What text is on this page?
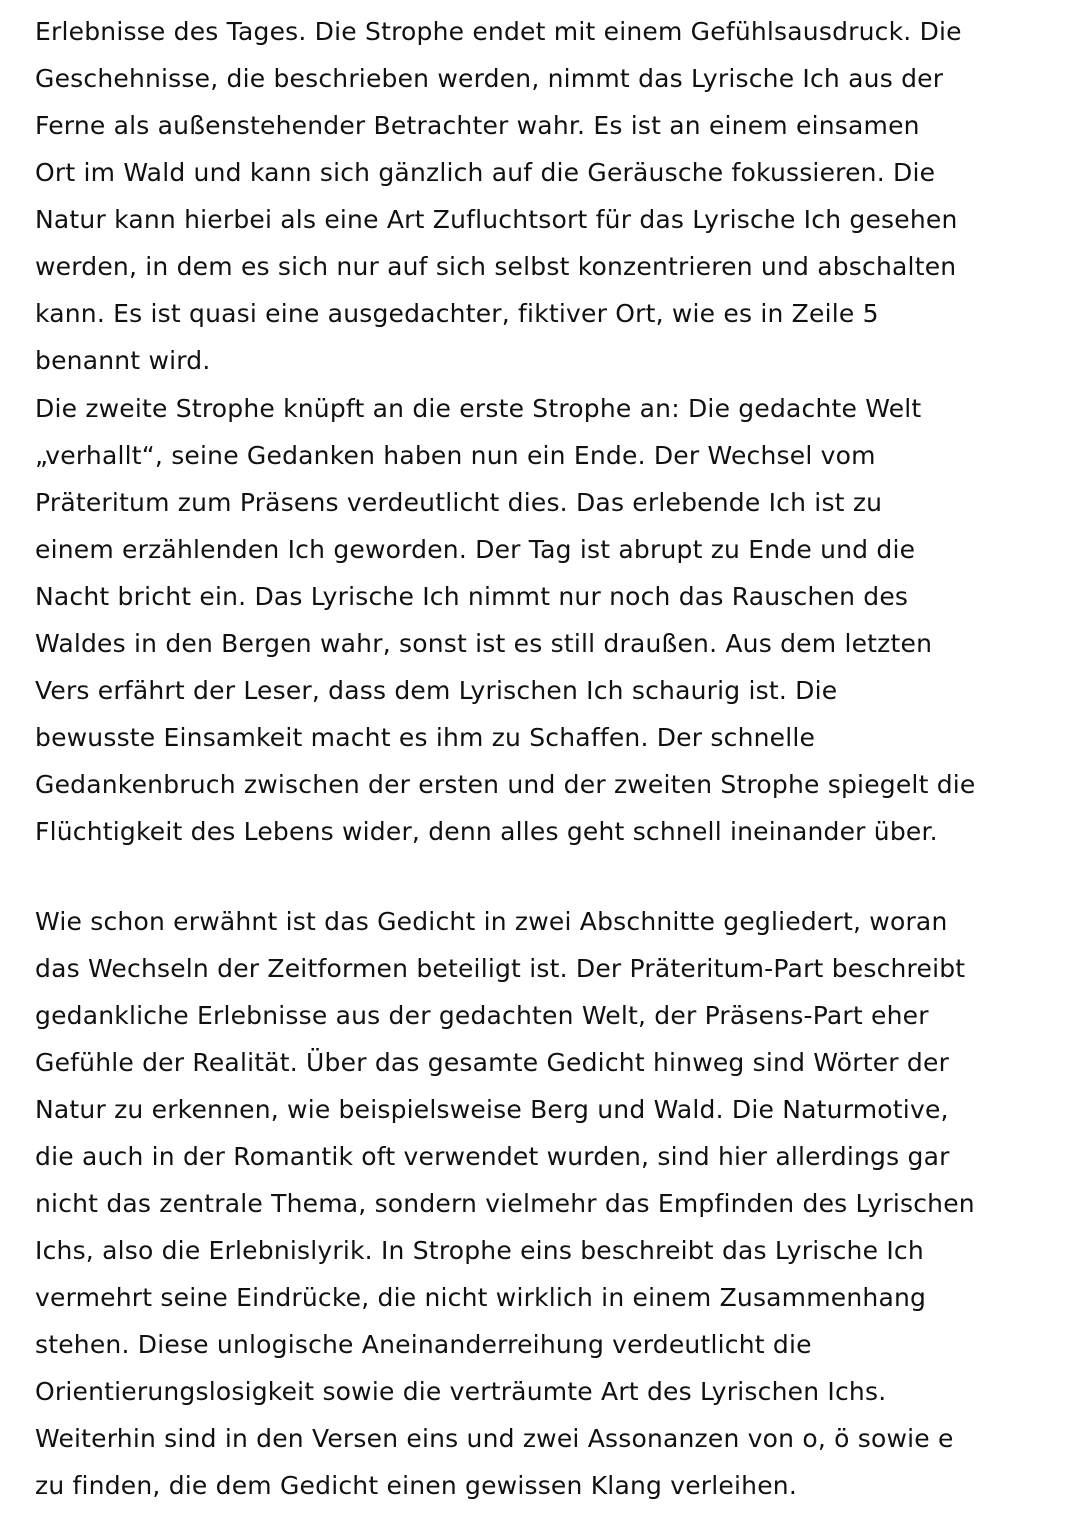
Erlebnisse des Tages. Die Strophe endet mit einem Gefühlsausdruck. Die
Geschehnisse, die beschrieben werden, nimmt das Lyrische Ich aus der
Ferne als außenstehender Betrachter wahr. Es ist an einem einsamen
Ort im Wald und kann sich gänzlich auf die Geräusche fokussieren. Die
Natur kann hierbei als eine Art Zufluchtsort für das Lyrische Ich gesehen
werden, in dem es sich nur auf sich selbst konzentrieren und abschalten
kann. Es ist quasi eine ausgedachter, fiktiver Ort, wie es in Zeile 5
benannt wird.
Die zweite Strophe knüpft an die erste Strophe an: Die gedachte Welt
„verhallt“, seine Gedanken haben nun ein Ende. Der Wechsel vom
Präteritum zum Präsens verdeutlicht dies. Das erlebende Ich ist zu
einem erzählenden Ich geworden. Der Tag ist abrupt zu Ende und die
Nacht bricht ein. Das Lyrische Ich nimmt nur noch das Rauschen des
Waldes in den Bergen wahr, sonst ist es still draußen. Aus dem letzten
Vers erfährt der Leser, dass dem Lyrischen Ich schaurig ist. Die
bewusste Einsamkeit macht es ihm zu Schaffen. Der schnelle
Gedankenbruch zwischen der ersten und der zweiten Strophe spiegelt die
Flüchtigkeit des Lebens wider, denn alles geht schnell ineinander über.
Wie schon erwähnt ist das Gedicht in zwei Abschnitte gegliedert, woran
das Wechseln der Zeitformen beteiligt ist. Der Präteritum-Part beschreibt
gedankliche Erlebnisse aus der gedachten Welt, der Präsens-Part eher
Gefühle der Realität. Über das gesamte Gedicht hinweg sind Wörter der
Natur zu erkennen, wie beispielsweise Berg und Wald. Die Naturmotive,
die auch in der Romantik oft verwendet wurden, sind hier allerdings gar
nicht das zentrale Thema, sondern vielmehr das Empfinden des Lyrischen
Ichs, also die Erlebnislyrik. In Strophe eins beschreibt das Lyrische Ich
vermehrt seine Eindrücke, die nicht wirklich in einem Zusammenhang
stehen. Diese unlogische Aneinanderreihung verdeutlicht die
Orientierungslosigkeit sowie die verträumte Art des Lyrischen Ichs.
Weiterhin sind in den Versen eins und zwei Assonanzen von o, ö sowie e
zu finden, die dem Gedicht einen gewissen Klang verleihen.
